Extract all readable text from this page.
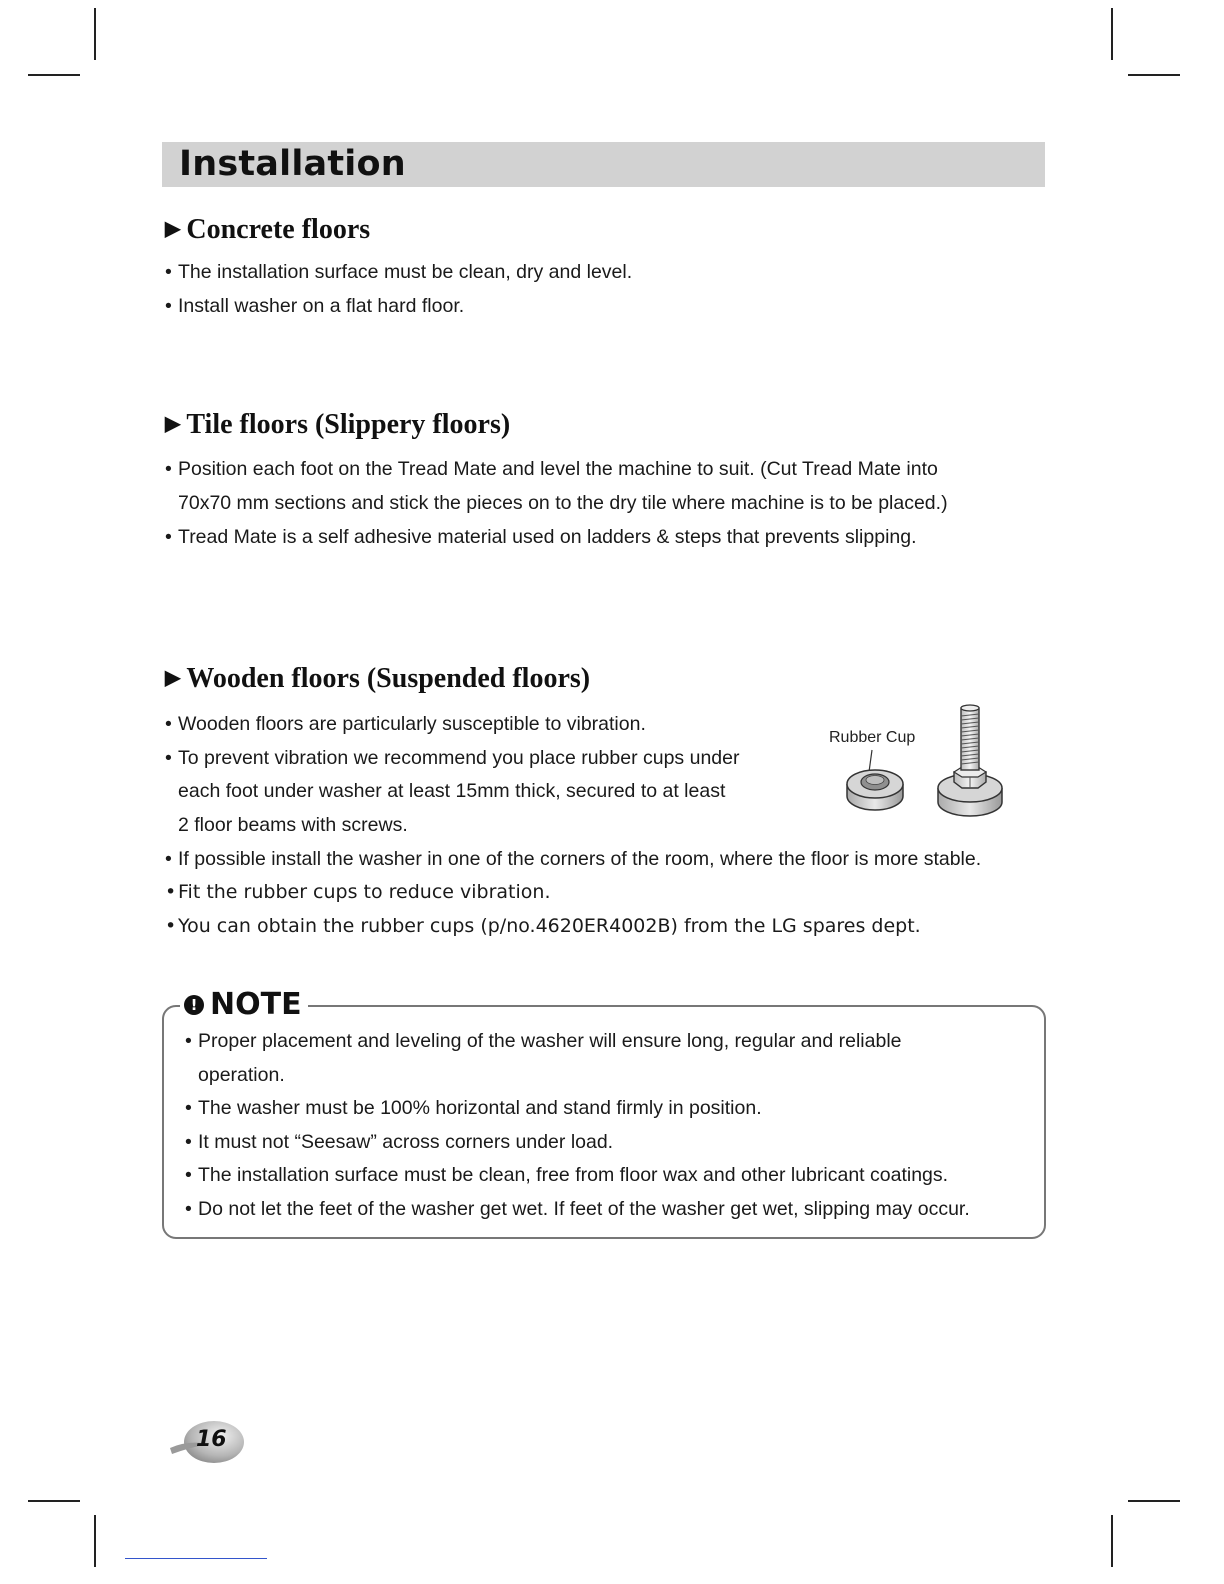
Installation
▶ Concrete floors
• The installation surface must be clean, dry and level.
• Install washer on a flat hard floor.
▶ Tile floors (Slippery floors)
• Position each foot on the Tread Mate and level the machine to suit. (Cut Tread Mate into
70x70 mm sections and stick the pieces on to the dry tile where machine is to be placed.)
• Tread Mate is a self adhesive material used on ladders & steps that prevents slipping.
▶ Wooden floors (Suspended floors)
• Wooden floors are particularly susceptible to vibration.
• To prevent vibration we recommend you place rubber cups under
each foot under washer at least 15mm thick, secured to at least
2 floor beams with screws.
• If possible install the washer in one of the corners of the room, where the floor is more stable.
•Fit the rubber cups to reduce vibration.
•You can obtain the rubber cups (p/no.4620ER4002B) from the LG spares dept.
Rubber Cup
! NOTE
• Proper placement and leveling of the washer will ensure long, regular and reliable
operation.
• The washer must be 100% horizontal and stand firmly in position.
• It must not “Seesaw” across corners under load.
• The installation surface must be clean, free from floor wax and other lubricant coatings.
• Do not let the feet of the washer get wet. If feet of the washer get wet, slipping may occur.
16
